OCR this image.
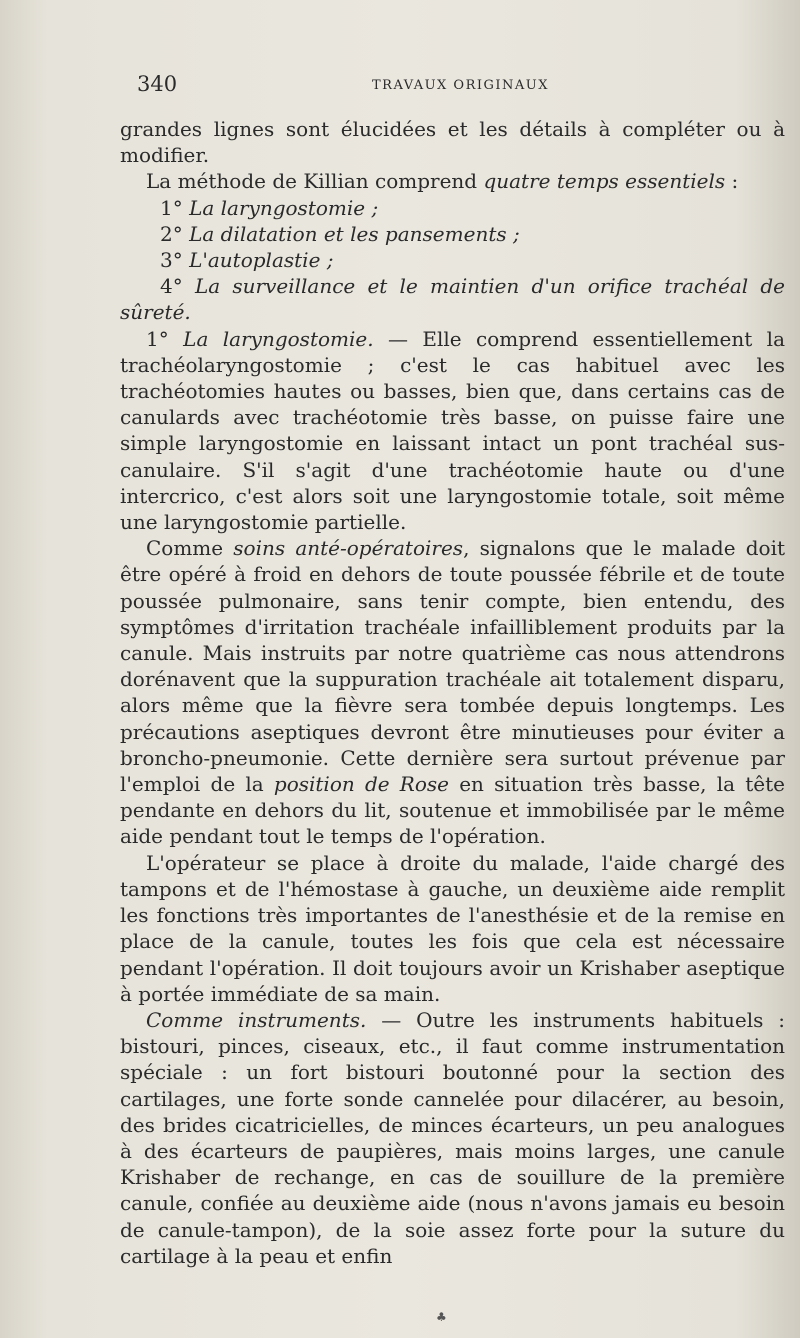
340	TRAVAUX ORIGINAUX

grandes lignes sont élucidées et les détails à compléter ou à modifier.

La méthode de Killian comprend quatre temps essentiels :

1° La laryngostomie ;

2° La dilatation et les pansements ;

3° L'autoplastie ;

4° La surveillance et le maintien d'un orifice trachéal de sûreté.

1° La laryngostomie. — Elle comprend essentiellement la trachéolaryngostomie ; c'est le cas habituel avec les trachéotomies hautes ou basses, bien que, dans certains cas de canulards avec trachéotomie très basse, on puisse faire une simple laryngostomie en laissant intact un pont trachéal sus-canulaire. S'il s'agit d'une trachéotomie haute ou d'une intercrico, c'est alors soit une laryngostomie totale, soit même une laryngostomie partielle.

Comme soins anté-opératoires, signalons que le malade doit être opéré à froid en dehors de toute poussée fébrile et de toute poussée pulmonaire, sans tenir compte, bien entendu, des symptômes d'irritation trachéale infailliblement produits par la canule. Mais instruits par notre quatrième cas nous attendrons dorénavent que la suppuration trachéale ait totalement disparu, alors même que la fièvre sera tombée depuis longtemps. Les précautions aseptiques devront être minutieuses pour éviter a broncho-pneumonie. Cette dernière sera surtout prévenue par l'emploi de la position de Rose en situation très basse, la tête pendante en dehors du lit, soutenue et immobilisée par le même aide pendant tout le temps de l'opération.

L'opérateur se place à droite du malade, l'aide chargé des tampons et de l'hémostase à gauche, un deuxième aide remplit les fonctions très importantes de l'anesthésie et de la remise en place de la canule, toutes les fois que cela est nécessaire pendant l'opération. Il doit toujours avoir un Krishaber aseptique à portée immédiate de sa main.

Comme instruments. — Outre les instruments habituels : bistouri, pinces, ciseaux, etc., il faut comme instrumentation spéciale : un fort bistouri boutonné pour la section des cartilages, une forte sonde cannelée pour dilacérer, au besoin, des brides cicatricielles, de minces écarteurs, un peu analogues à des écarteurs de paupières, mais moins larges, une canule Krishaber de rechange, en cas de souillure de la première canule, confiée au deuxième aide (nous n'avons jamais eu besoin de canule-tampon), de la soie assez forte pour la suture du cartilage à la peau et enfin

♣
